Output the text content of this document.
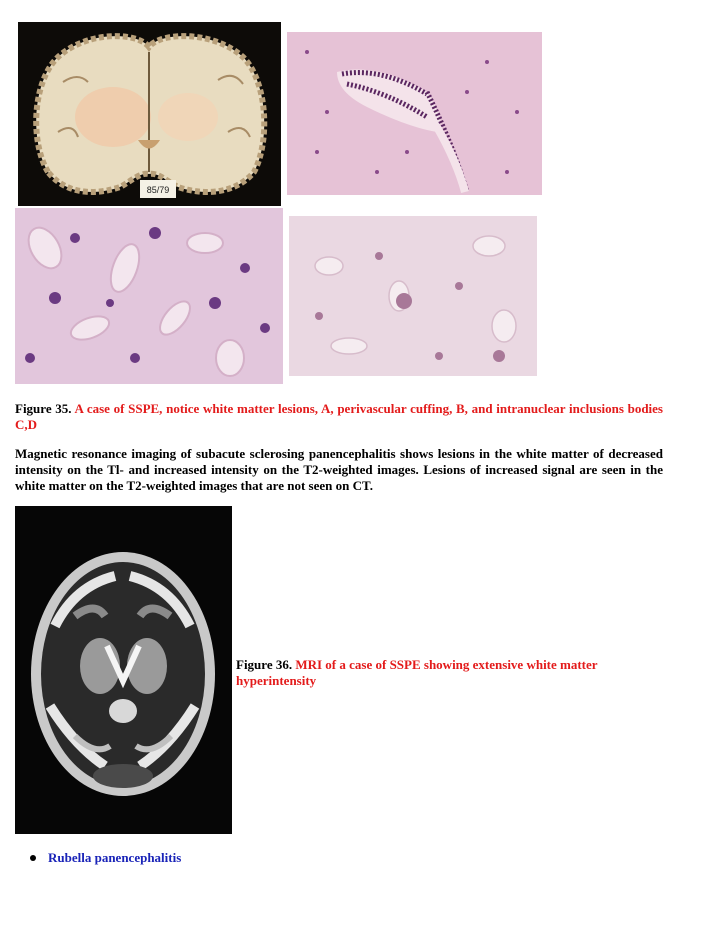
85/79
Figure 35. A case of SSPE, notice white matter lesions, A, perivascular cuffing, B, and intranuclear inclusions bodies C,D
Magnetic resonance imaging of subacute sclerosing panencephalitis shows lesions in the white matter of decreased intensity on the Tl- and increased intensity on the T2-weighted images. Lesions of increased signal are seen in the white matter on the T2-weighted images that are not seen on CT.
Figure 36. MRI of a case of SSPE showing extensive white matter hyperintensity
Rubella panencephalitis
